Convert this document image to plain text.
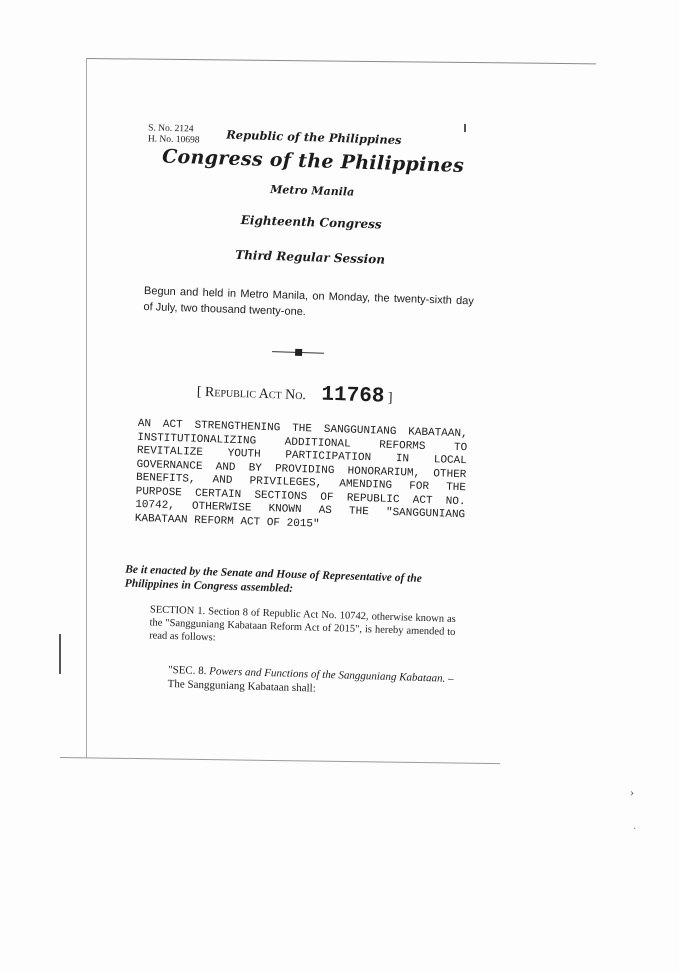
›
·
S. No. 2124
H. No. 10698	Republic of the Philippines
Congress of the Philippines
Metro Manila
Eighteenth Congress
Third Regular Session
Begun and held in Metro Manila, on Monday, the twenty-sixth day of July, two thousand twenty-one.
[ Republic Act No. 11768 ]

AN ACT STRENGTHENING THE SANGGUNIANG KABATAAN, INSTITUTIONALIZING ADDITIONAL REFORMS TO REVITALIZE YOUTH PARTICIPATION IN LOCAL GOVERNANCE AND BY PROVIDING HONORARIUM, OTHER BENEFITS, AND PRIVILEGES, AMENDING FOR THE PURPOSE CERTAIN SECTIONS OF REPUBLIC ACT NO. 10742, OTHERWISE KNOWN AS THE "SANGGUNIANG KABATAAN REFORM ACT OF 2015"

Be it enacted by the Senate and House of Representative of the Philippines in Congress assembled:
SECTION 1. Section 8 of Republic Act No. 10742, otherwise known as the "Sangguniang Kabataan Reform Act of 2015", is hereby amended to read as follows:
"SEC. 8. Powers and Functions of the Sangguniang Kabataan. – The Sangguniang Kabataan shall:
